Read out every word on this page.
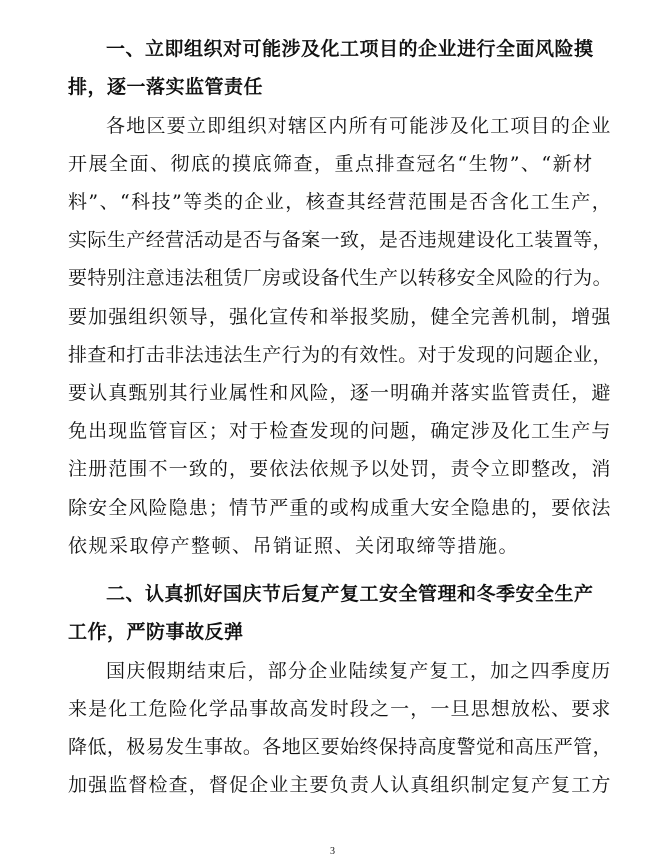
一、立即组织对可能涉及化工项目的企业进行全面风险摸
排，逐一落实监管责任
各地区要立即组织对辖区内所有可能涉及化工项目的企业
开展全面、彻底的摸底筛查，重点排查冠名“生物”、“新材
料”、“科技”等类的企业，核查其经营范围是否含化工生产，
实际生产经营活动是否与备案一致，是否违规建设化工装置等，
要特别注意违法租赁厂房或设备代生产以转移安全风险的行为。
要加强组织领导，强化宣传和举报奖励，健全完善机制，增强
排查和打击非法违法生产行为的有效性。对于发现的问题企业，
要认真甄别其行业属性和风险，逐一明确并落实监管责任，避
免出现监管盲区；对于检查发现的问题，确定涉及化工生产与
注册范围不一致的，要依法依规予以处罚，责令立即整改，消
除安全风险隐患；情节严重的或构成重大安全隐患的，要依法
依规采取停产整顿、吊销证照、关闭取缔等措施。
二、认真抓好国庆节后复产复工安全管理和冬季安全生产
工作，严防事故反弹
国庆假期结束后，部分企业陆续复产复工，加之四季度历
来是化工危险化学品事故高发时段之一，一旦思想放松、要求
降低，极易发生事故。各地区要始终保持高度警觉和高压严管，
加强监督检查，督促企业主要负责人认真组织制定复产复工方
3
